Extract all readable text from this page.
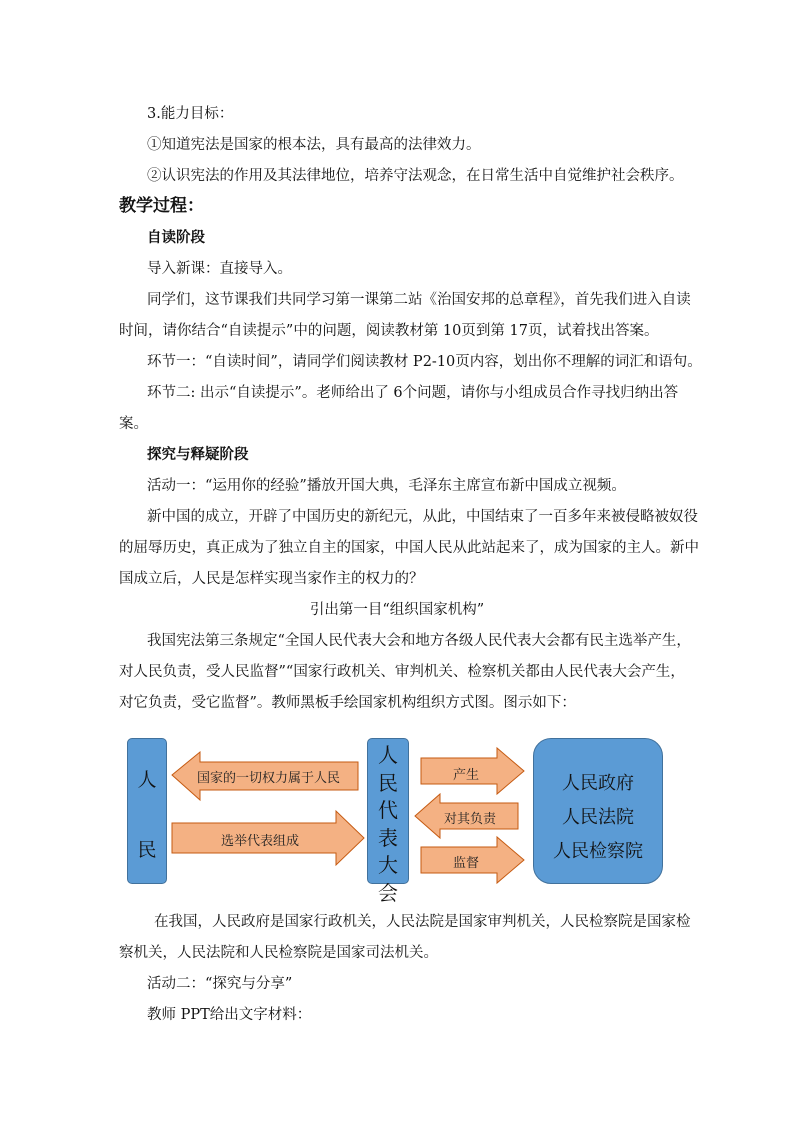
3.能力目标：
①知道宪法是国家的根本法，具有最高的法律效力。
②认识宪法的作用及其法律地位，培养守法观念，在日常生活中自觉维护社会秩序。
教学过程：
自读阶段
导入新课：直接导入。
同学们，这节课我们共同学习第一课第二站《治国安邦的总章程》，首先我们进入自读
时间，请你结合“自读提示”中的问题，阅读教材第 10页到第 17页，试着找出答案。
环节一：“自读时间”，请同学们阅读教材 P2-10页内容，划出你不理解的词汇和语句。
环节二: 出示“自读提示”。老师给出了 6个问题，请你与小组成员合作寻找归纳出答
案。
探究与释疑阶段
活动一：“运用你的经验”播放开国大典，毛泽东主席宣布新中国成立视频。
新中国的成立，开辟了中国历史的新纪元，从此，中国结束了一百多年来被侵略被奴役
的屈辱历史，真正成为了独立自主的国家，中国人民从此站起来了，成为国家的主人。新中
国成立后，人民是怎样实现当家作主的权力的？
引出第一目“组织国家机构”
我国宪法第三条规定“全国人民代表大会和地方各级人民代表大会都有民主选举产生，
对人民负责，受人民监督”“国家行政机关、审判机关、检察机关都由人民代表大会产生，
对它负责，受它监督”。教师黑板手绘国家机构组织方式图。图示如下：
人
民
人
民
代
表
大
会
人民政府
人民法院
人民检察院
国家的一切权力属于人民
选举代表组成
产生
对其负责
监督
在我国，人民政府是国家行政机关，人民法院是国家审判机关，人民检察院是国家检
察机关，人民法院和人民检察院是国家司法机关。
活动二：“探究与分享”
教师 PPT给出文字材料：
